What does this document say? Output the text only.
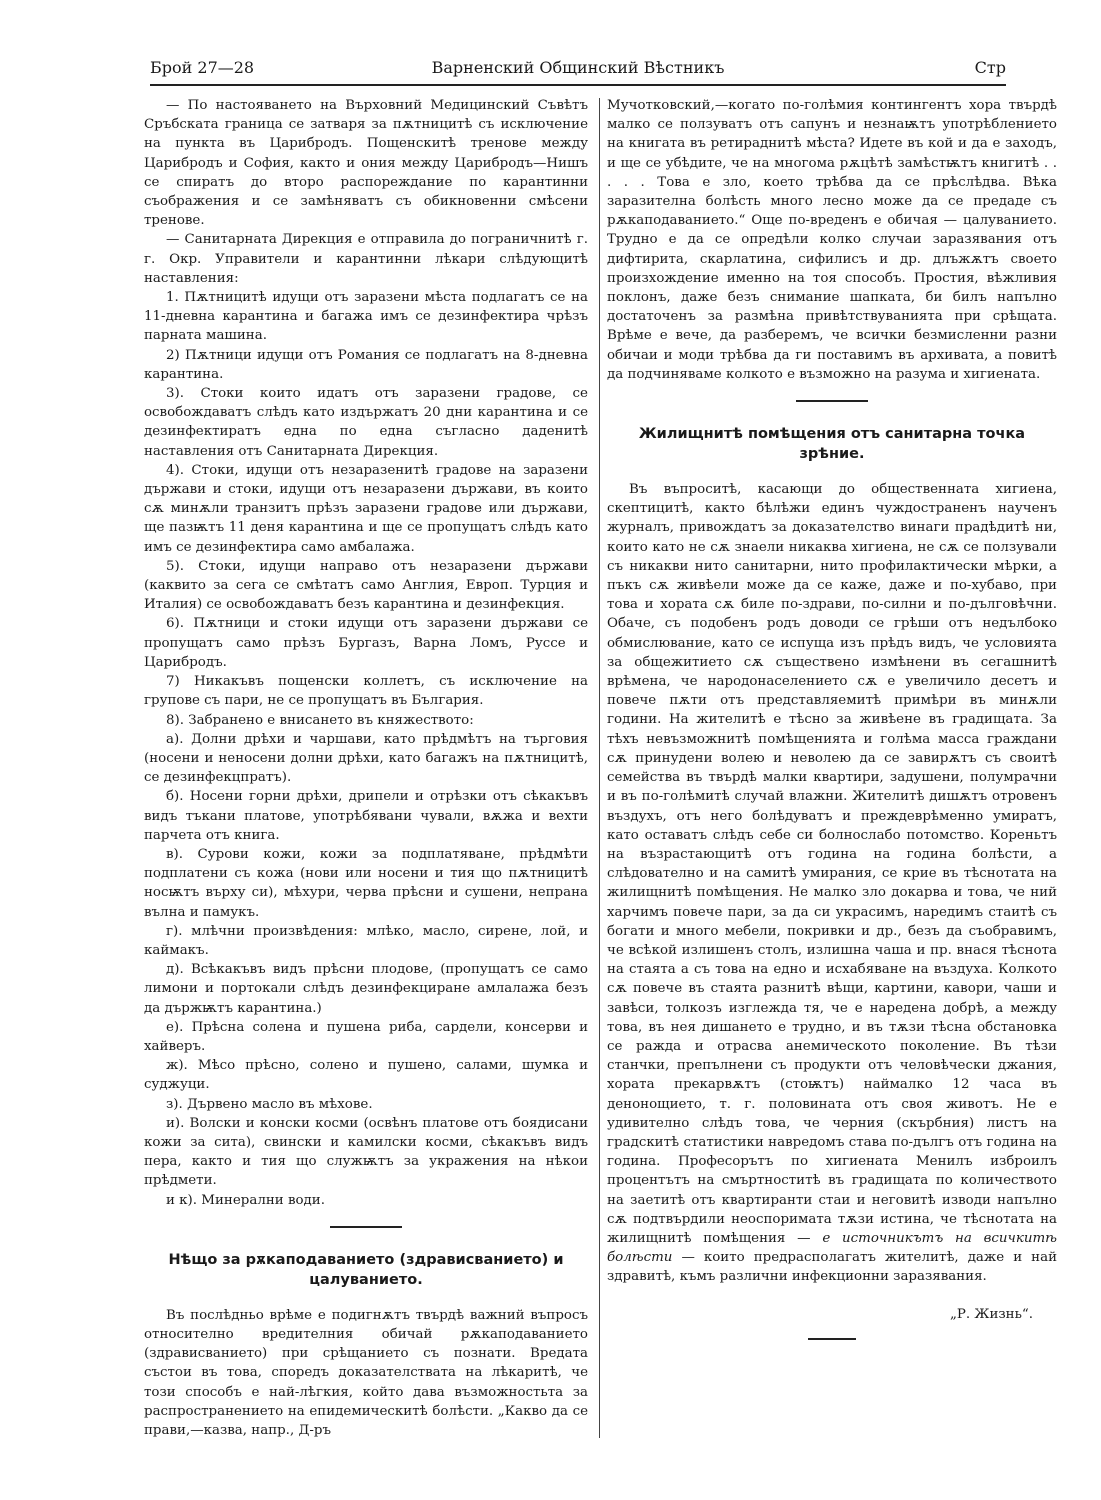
Брой 27—28	Варненский Общинский Вѣстникъ	Стр

— По настояването на Върховний Медицинский Съвѣтъ Сръбската граница се затваря за пѫтницитѣ съ исключение на пункта въ Царибродъ. Пощенскитѣ тренове между Царибродъ и София, както и ония между Царибродъ—Нишъ се спиратъ до второ распореждание по карантинни съображения и се замѣняватъ съ обикновенни смѣсени тренове.

— Санитарната Дирекция е отправила до пограничнитѣ г. г. Окр. Управители и карантинни лѣкари слѣдующитѣ наставления:

1. Пѫтницитѣ идущи отъ заразени мѣста подлагатъ се на 11-дневна карантина и багажа имъ се дезинфектира чрѣзъ парната машина.

2) Пѫтници идущи отъ Романия се подлагатъ на 8-дневна карантина.

3). Стоки които идатъ отъ заразени градове, се освобождаватъ слѣдъ като издържатъ 20 дни карантина и се дезинфектиратъ една по една съгласно даденитѣ наставления отъ Санитарната Дирекция.

4). Стоки, идущи отъ незаразенитѣ градове на заразени държави и стоки, идущи отъ незаразени държави, въ които сѫ минѫли транзитъ прѣзъ заразени градове или държави, ще пазѭтъ 11 деня карантина и ще се пропущатъ слѣдъ като имъ се дезинфектира само амбалажа.

5). Стоки, идущи направо отъ незаразени държави (каквито за сега се смѣтатъ само Англия, Европ. Турция и Италия) се освобождаватъ безъ карантина и дезинфекция.

6). Пѫтници и стоки идущи отъ заразени държави се пропущатъ само прѣзъ Бургазъ, Варна Ломъ, Руссе и Царибродъ.

7) Никакъвъ пощенски коллетъ, съ исключение на групове съ пари, не се пропущатъ въ България.

8). Забранено е внисането въ княжеството:

а). Долни дрѣхи и чаршави, като прѣдмѣтъ на търговия (носени и неносени долни дрѣхи, като багажъ на пѫтницитѣ, се дезинфекцпратъ).

б). Носени горни дрѣхи, дрипели и отрѣзки отъ сѣкакъвъ видъ тъкани платове, употрѣбявани чували, вѫжа и вехти парчета отъ книга.

в). Сурови кожи, кожи за подплатяване, прѣдмѣти подплатени съ кожа (нови или носени и тия що пѫтницитѣ носѭтъ върху си), мѣхури, черва прѣсни и сушени, непрана вълна и памукъ.

г). млѣчни произвѣдения: млѣко, масло, сирене, лой, и каймакъ.

д). Всѣкакъвъ видъ прѣсни плодове, (пропущатъ се само лимони и портокали слѣдъ дезинфекциране амлалажа безъ да държѭтъ карантина.)

е). Прѣсна солена и пушена риба, сардели, консерви и хайверъ.

ж). Мѣсо прѣсно, солено и пушено, салами, шумка и суджуци.

з). Дървено масло въ мѣхове.

и). Волски и конски косми (освѣнъ платове отъ боядисани кожи за сита), свински и камилски косми, сѣкакъвъ видъ пера, както и тия що служѭтъ за укражения на нѣкои прѣдмети.

и к). Минерални води.

Нѣщо за рѫкаподаванието (здрависванието) и цалуванието.

Въ послѣдньо врѣме е подигнѫтъ твърдѣ важний въпросъ относително вредителния обичай рѫкаподаванието (здрависванието) при срѣщанието съ познати. Вредата състои въ това, споредъ доказателствата на лѣкаритѣ, че този способъ е най-лѣгкия, който дава възможностьта за распространението на епидемическитѣ болѣсти. „Какво да се прави,—казва, напр., Д-ръ

Мучотковский,—когато по-голѣмия контингентъ хора твърдѣ малко се ползуватъ отъ сапунъ и незнаѭтъ употрѣблението на книгата въ ретираднитѣ мѣста? Идете въ кой и да е заходъ, и ще се убѣдите, че на многома рѫцѣтѣ замѣстѭтъ книгитѣ . . . . . Това е зло, което трѣбва да се прѣслѣдва. Вѣка заразителна болѣсть много лесно може да се предаде съ рѫкаподаванието.“ Още по-вреденъ е обичая — цалуванието. Трудно е да се опредѣли колко случаи заразявания отъ дифтирита, скарлатина, сифилисъ и др. длъжѫтъ своето произхождение именно на тоя способъ. Простия, вѣжливия поклонъ, даже безъ снимание шапката, би билъ напълно достаточенъ за размѣна привѣтствуванията при срѣщата. Врѣме е вече, да разберемъ, че всички безмисленни разни обичаи и моди трѣбва да ги поставимъ въ архивата, а повитѣ да подчиняваме колкото е възможно на разума и хигиената.

Жилищнитѣ помѣщения отъ санитарна точка зрѣние.

Въ въпроситѣ, касающи до общественната хигиена, скептицитѣ, както бѣлѣжи единъ чуждостраненъ наученъ журналъ, привождатъ за доказателство винаги прадѣдитѣ ни, които като не сѫ знаели никаква хигиена, не сѫ се ползували съ никакви нито санитарни, нито профилактически мѣрки, а пъкъ сѫ живѣели може да се каже, даже и по-хубаво, при това и хората сѫ биле по-здрави, по-силни и по-дълговѣчни. Обаче, съ подобенъ родъ доводи се грѣши отъ недълбоко обмислювание, като се испуща изъ прѣдъ видъ, че условията за общежитието сѫ съществено измѣнени въ сегашнитѣ врѣмена, че народонаселението сѫ е увеличило десетъ и повече пѫти отъ представляемитѣ примѣри въ минѫли години. На жителитѣ е тѣсно за живѣене въ градищата. За тѣхъ невъзможнитѣ помѣщенията и голѣма масса граждани сѫ принудени волею и неволею да се завирѫтъ съ своитѣ семейства въ твърдѣ малки квартири, задушени, полумрачни и въ по-голѣмитѣ случай влажни. Жителитѣ дишѫтъ отровенъ въздухъ, отъ него болѣдуватъ и преждеврѣменно умиратъ, като оставатъ слѣдъ себе си болнослабо потомство. Кореньтъ на възрастающитѣ отъ година на година болѣсти, а слѣдователно и на самитѣ умирания, се крие въ тѣснотата на жилищнитѣ помѣщения. Не малко зло докарва и това, че ний харчимъ повече пари, за да си украсимъ, наредимъ стаитѣ съ богати и много мебели, покривки и др., безъ да съобравимъ, че всѣкой излишенъ столъ, излишна чаша и пр. внася тѣснота на стаята а съ това на едно и исхабяване на въздуха. Колкото сѫ повече въ стаята разнитѣ вѣщи, картини, кавори, чаши и завѣси, толкозъ изглежда тя, че е наредена добрѣ, а между това, въ нея дишането е трудно, и въ тѫзи тѣсна обстановка се ражда и отрасва анемическото поколение. Въ тѣзи станчки, препълнени съ продукти отъ человѣчески джания, хората прекарвѫтъ (стоѭтъ) наймалко 12 часа въ денонощието, т. г. половината отъ своя животъ. Не е удивително слѣдъ това, че черния (скърбния) листъ на градскитѣ статистики навредомъ става по-дългъ отъ година на година. Професорътъ по хигиената Менилъ изброилъ процентътъ на смъртноститѣ въ градищата по количеството на заетитѣ отъ квартиранти стаи и неговитѣ изводи напълно сѫ подтвърдили неоспоримата тѫзи истина, че тѣснотата на жилищнитѣ помѣщения — е источникътъ на всичкитѣ болѣсти — които предрасполагатъ жителитѣ, даже и най здравитѣ, къмъ различни инфекционни заразявания.

„Р. Жизнь“.
